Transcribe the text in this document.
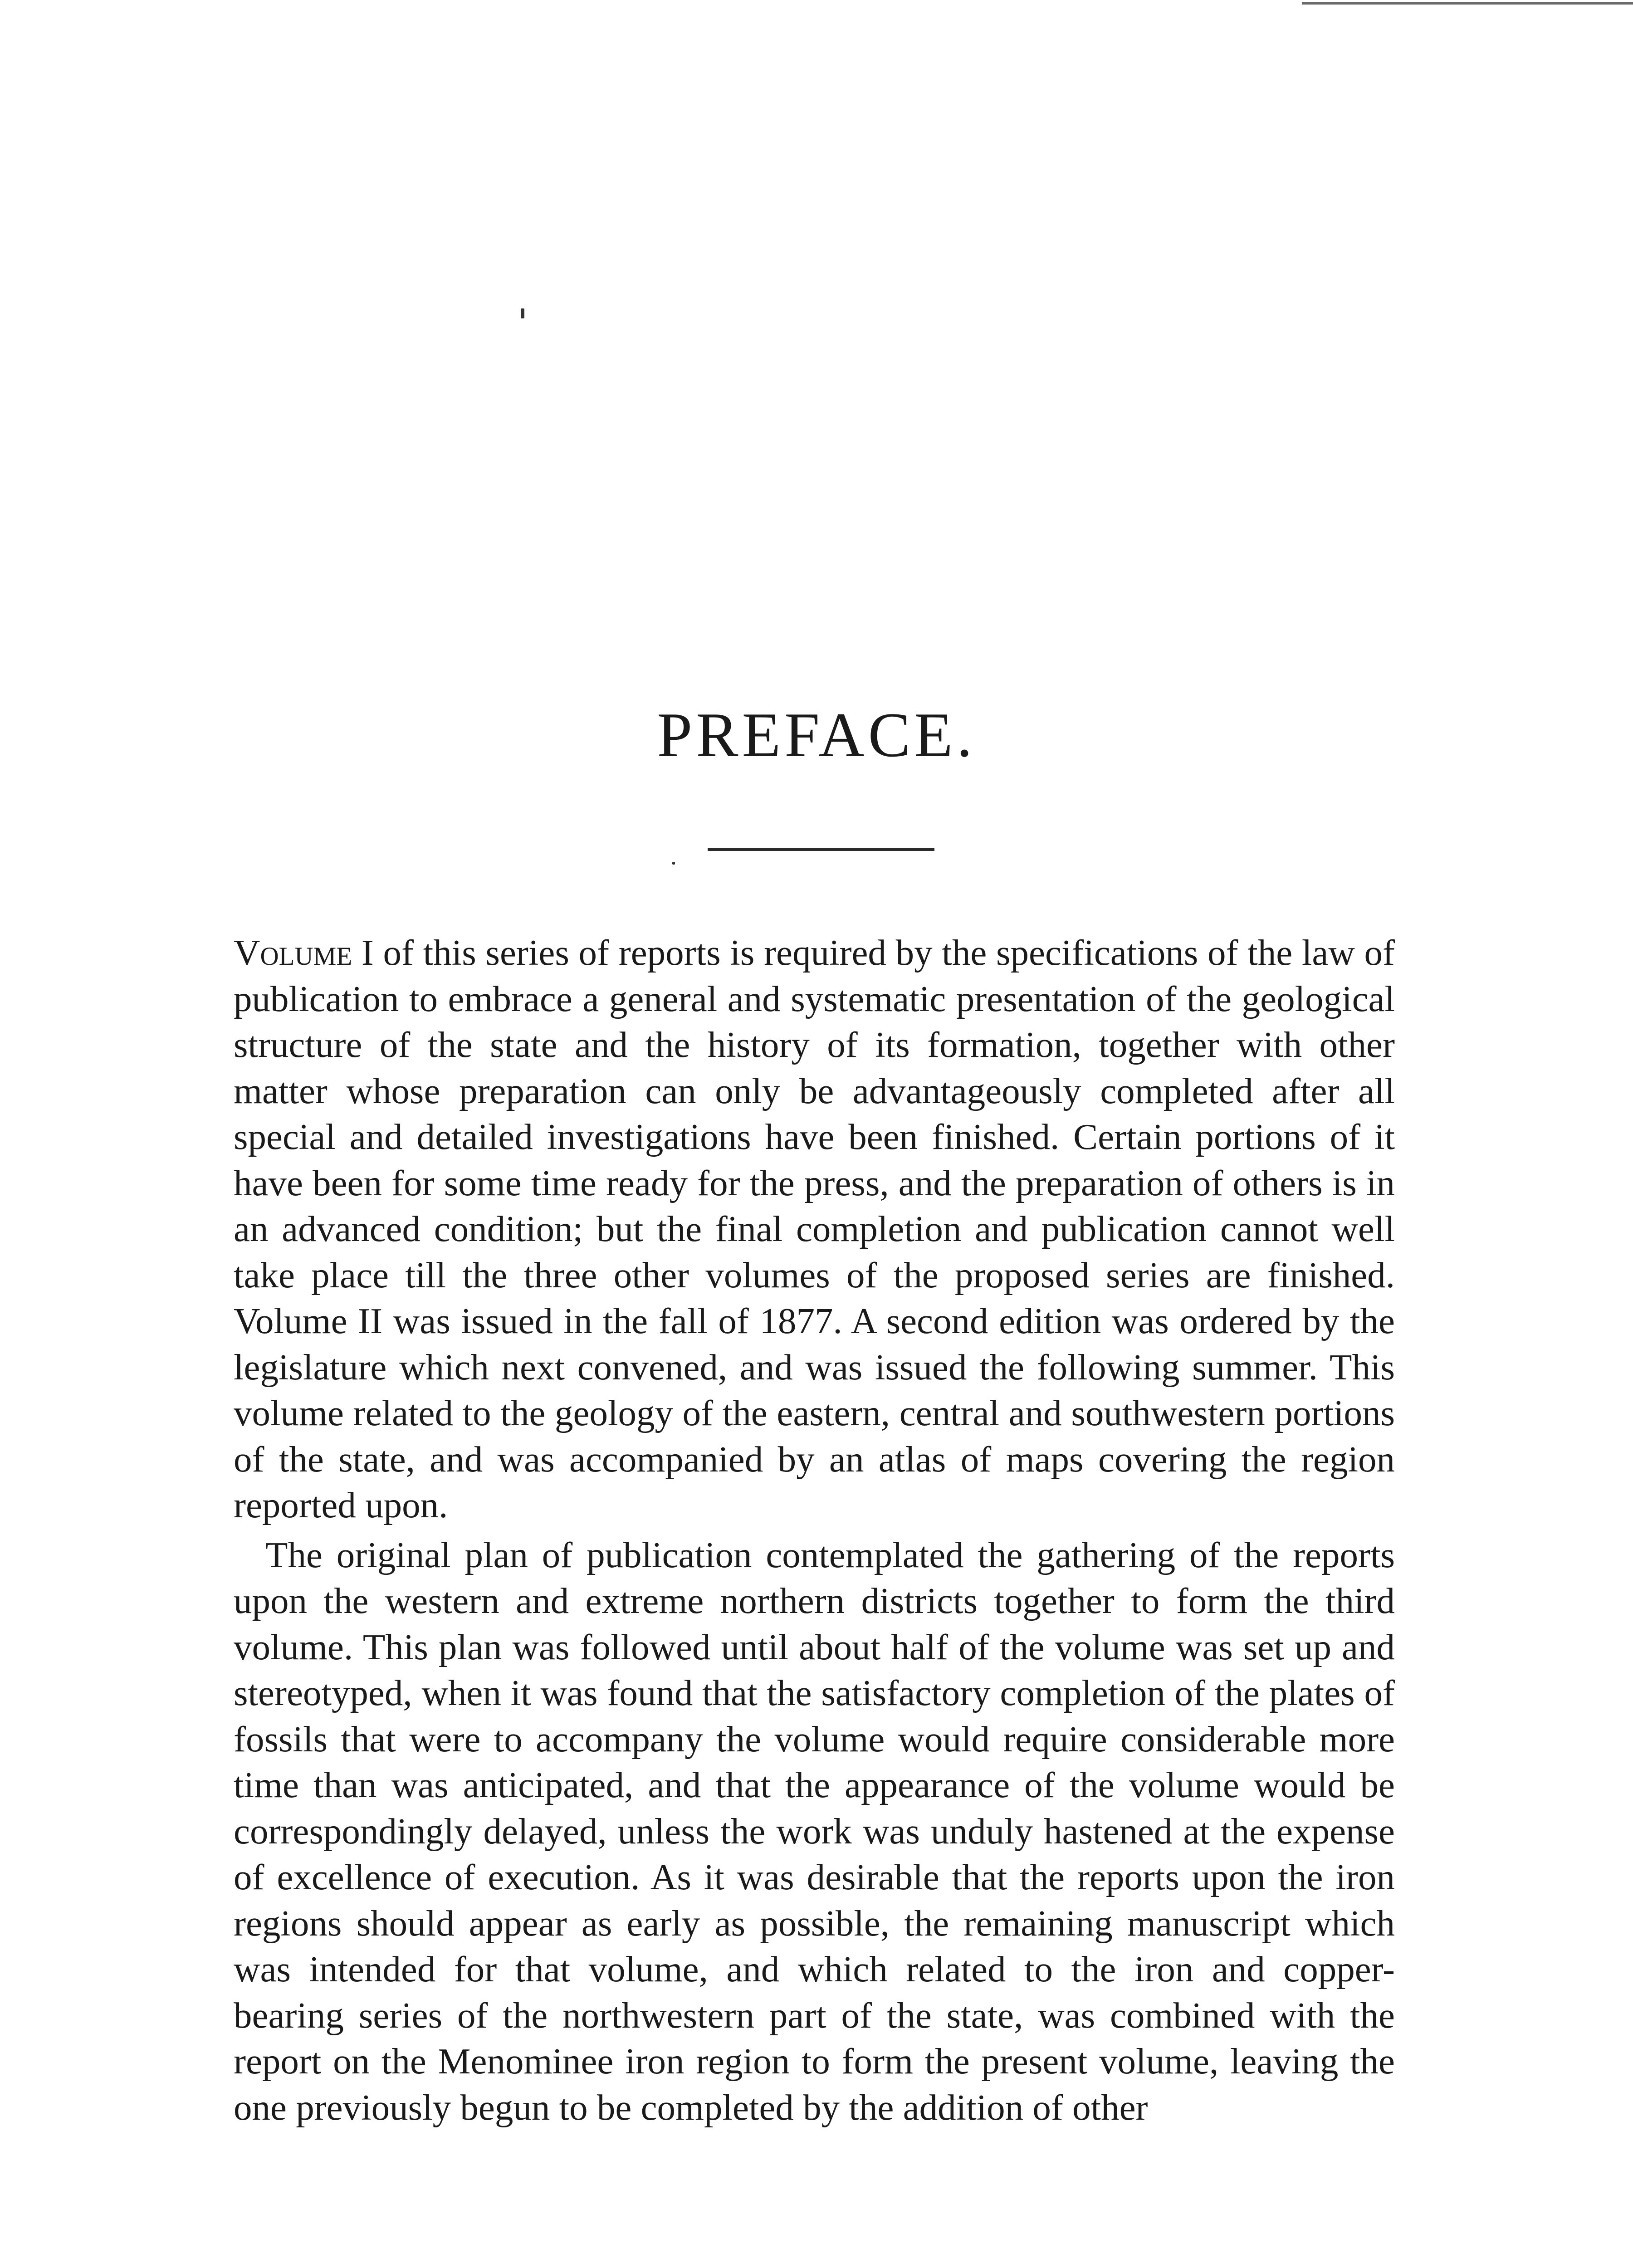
PREFACE.

Volume I of this series of reports is required by the specifications of the law of publication to embrace a general and systematic presentation of the geological structure of the state and the history of its formation, together with other matter whose preparation can only be advantageously completed after all special and detailed investigations have been finished. Certain portions of it have been for some time ready for the press, and the preparation of others is in an advanced condition; but the final completion and publication cannot well take place till the three other volumes of the proposed series are finished. Volume II was issued in the fall of 1877. A second edition was ordered by the legislature which next convened, and was issued the following summer. This volume related to the geology of the eastern, central and southwestern portions of the state, and was accompanied by an atlas of maps covering the region reported upon.

The original plan of publication contemplated the gathering of the reports upon the western and extreme northern districts together to form the third volume. This plan was followed until about half of the volume was set up and stereotyped, when it was found that the satisfactory completion of the plates of fossils that were to accompany the volume would require considerable more time than was anticipated, and that the appearance of the volume would be correspondingly delayed, unless the work was unduly hastened at the expense of excellence of execution. As it was desirable that the reports upon the iron regions should appear as early as possible, the remaining manuscript which was intended for that volume, and which related to the iron and copper-bearing series of the northwestern part of the state, was combined with the report on the Menominee iron region to form the present volume, leaving the one previously begun to be completed by the addition of other
